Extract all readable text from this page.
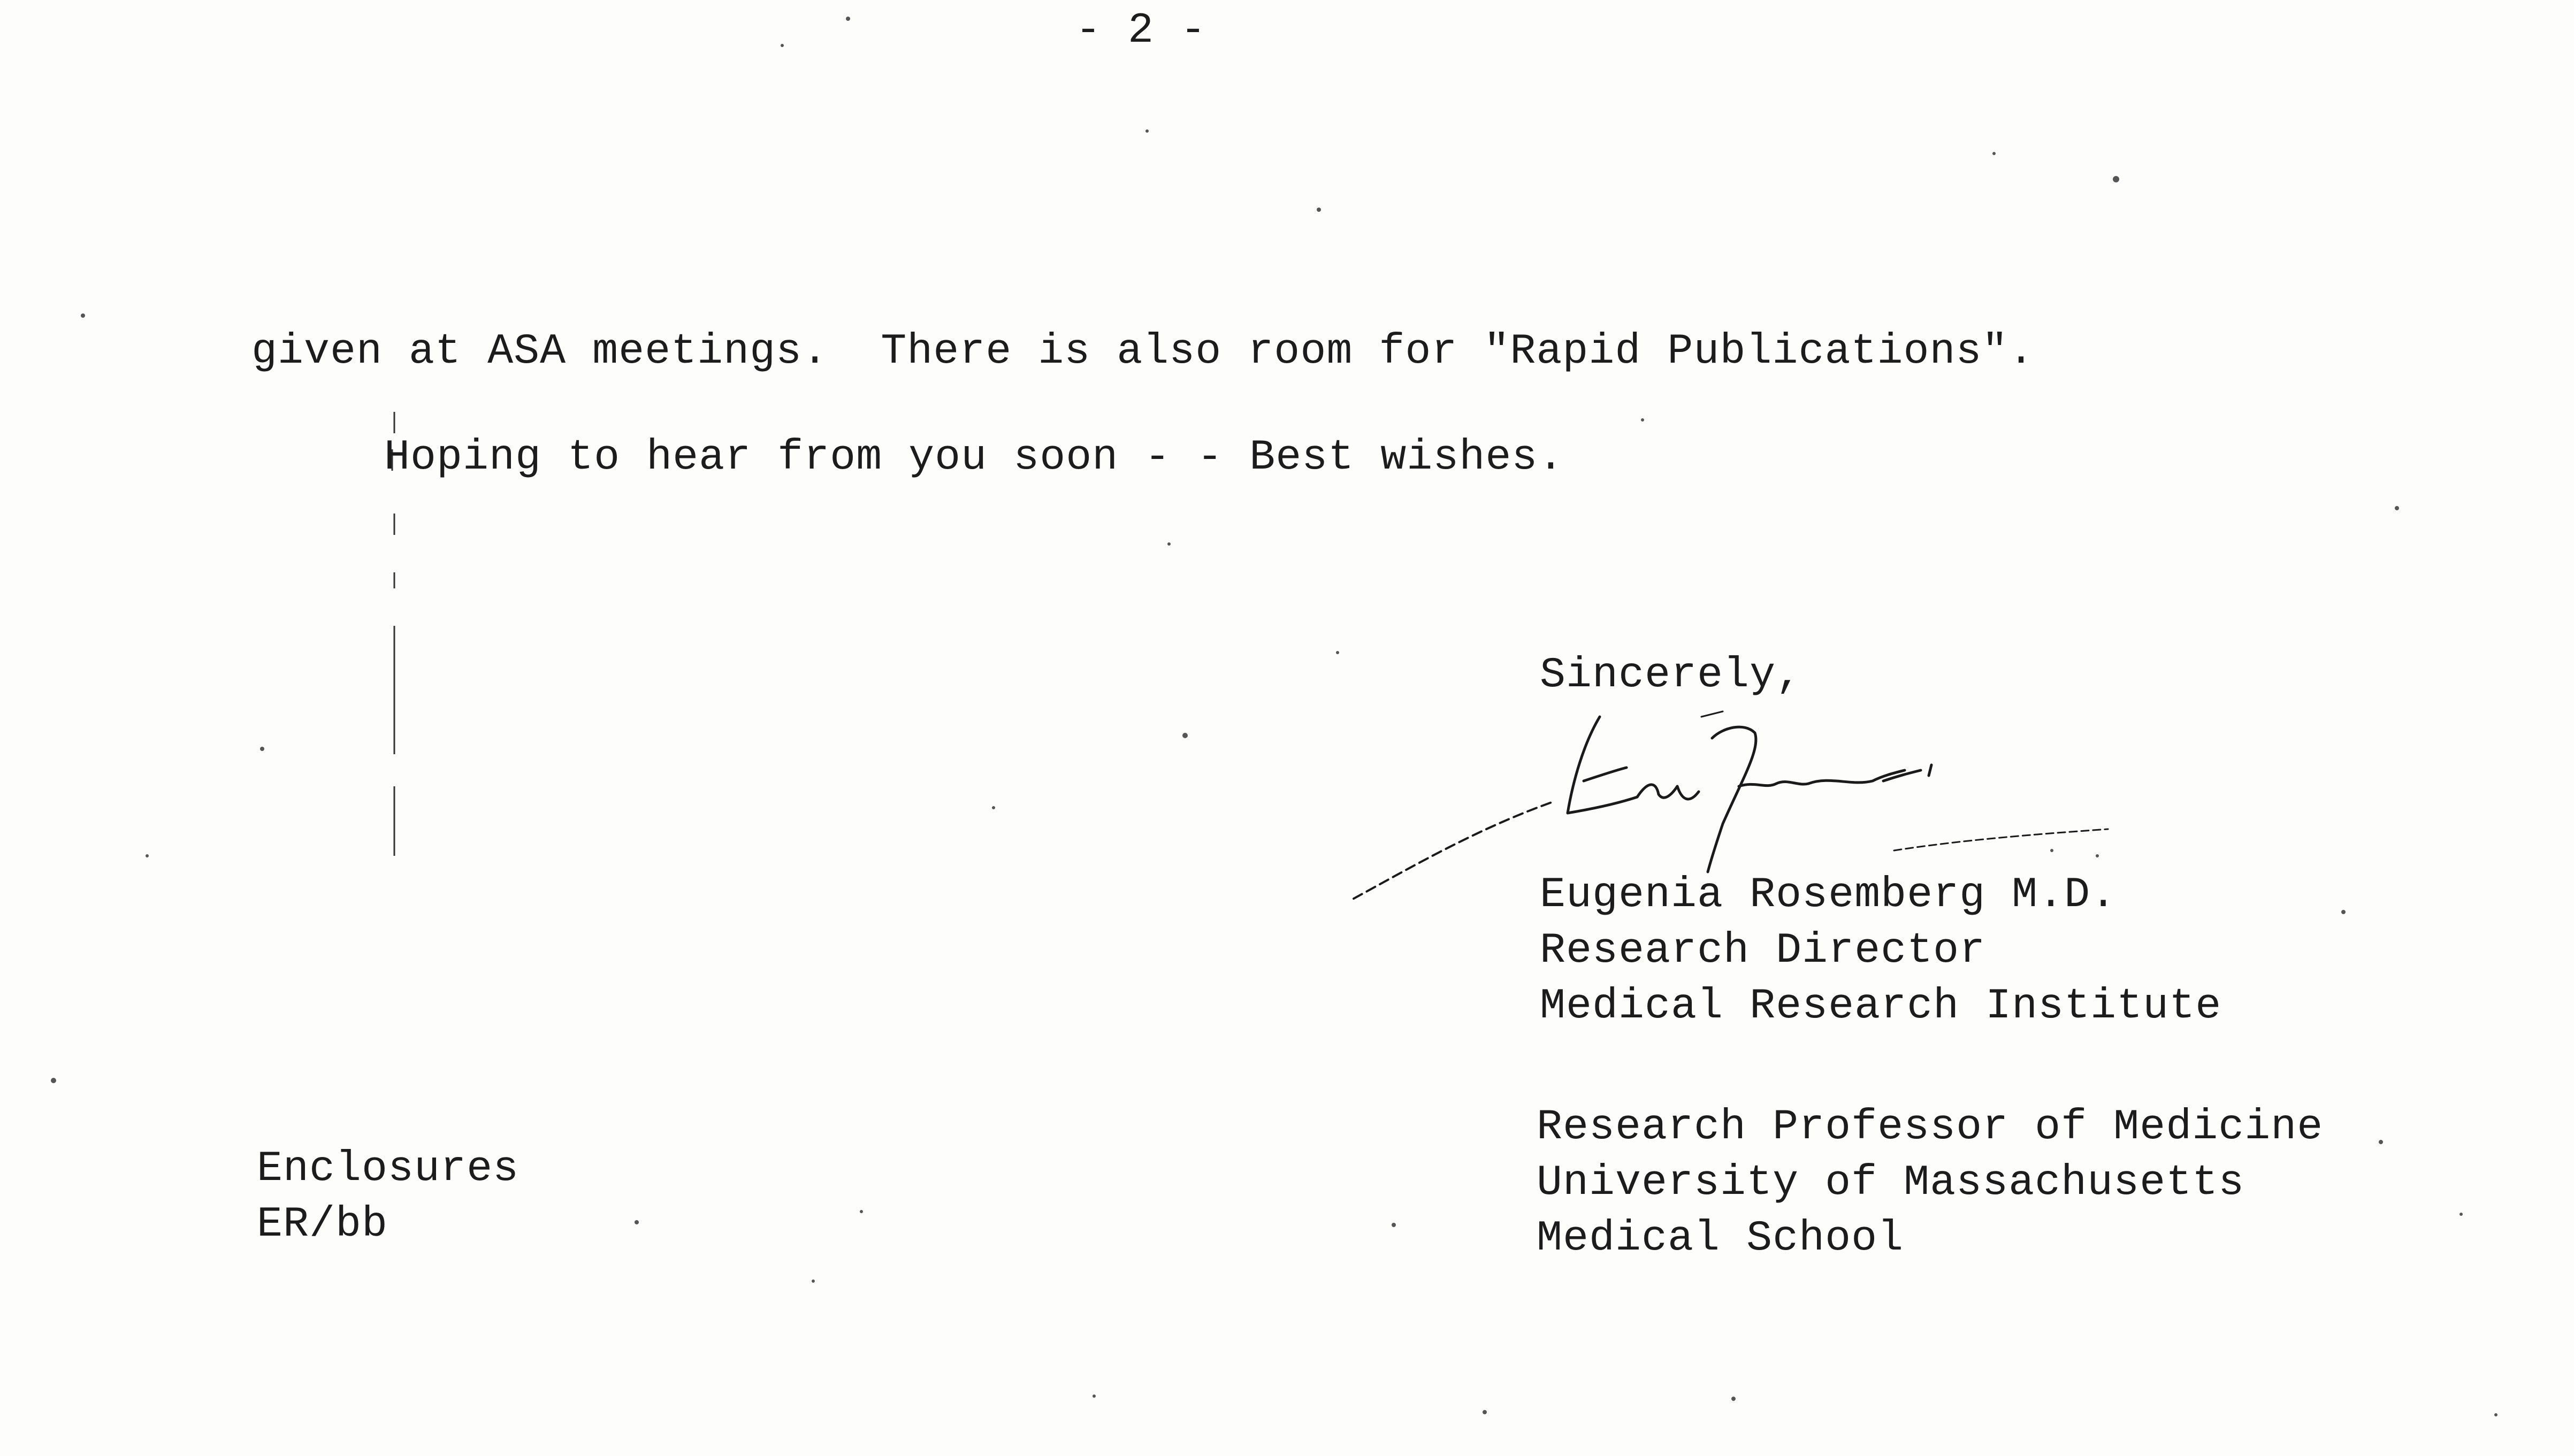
- 2 -
given at ASA meetings.  There is also room for "Rapid Publications".
Hoping to hear from you soon - - Best wishes.
Sincerely,
Eugenia Rosemberg M.D.
Research Director
Medical Research Institute
Research Professor of Medicine
University of Massachusetts
Medical School
Enclosures
ER/bb
